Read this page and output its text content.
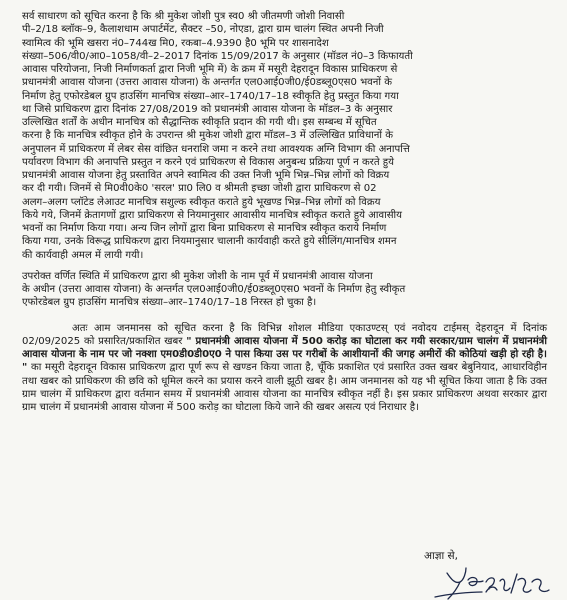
सर्व साधारण को सूचित करना है कि श्री मुकेश जोशी पुत्र स्व0 श्री जीतमणी जोशी निवासी
पी–2/18 ब्लॉक–9, कैलाशधाम अपार्टमेंट, सैक्टर –50, नोएडा, द्वारा ग्राम चालंग स्थित अपनी निजी
स्वामित्व की भूमि खसरा नं0–744ख मि0, रकबा–4.9390 है0 भूमि पर शासनादेश
संख्या–506/वी0/आ0–1058/वी–2–2017 दिनांक 15/09/2017 के अनुसार (मॉडल नं0–3 किफायती
आवास परियोजना, निजी निर्माणकर्ता द्वारा निजी भूमि में) के क्रम में मसूरी देहरादून विकास प्राधिकरण से
प्रधानमंत्री आवास योजना (उत्तरा आवास योजना) के अन्तर्गत एल0आई0जी0/ई0डब्लू0एस0 भवनों के
निर्माण हेतु एफोरडेबल ग्रुप हाउसिंग मानचित्र संख्या–आर–1740/17–18 स्वीकृति हेतु प्रस्तुत किया गया
था जिसे प्राधिकरण द्वारा दिनांक 27/08/2019 को प्रधानमंत्री आवास योजना के मॉडल–3 के अनुसार
उल्लिखित शर्तों के अधीन मानचित्र को सैद्धान्तिक स्वीकृति प्रदान की गयी थी। इस सम्बन्ध में सूचित
करना है कि मानचित्र स्वीकृत होने के उपरान्त श्री मुकेश जोशी द्वारा मॉडल–3 में उल्लिखित प्राविधानों के
अनुपालन में प्राधिकरण में लेबर सेस वांछित धनराशि जमा न करने तथा आवश्यक अग्नि विभाग की अनापत्ति
पर्यावरण विभाग की अनापत्ति प्रस्तुत न करने एवं प्राधिकरण से विकास अनुबन्ध प्रक्रिया पूर्ण न करते हुये
प्रधानमंत्री आवास योजना हेतु प्रस्तावित अपने स्वामित्व की उक्त निजी भूमि भिन्न–भिन्न लोगों को विक्रय
कर दी गयी। जिनमें से मि0वी0के0 'सरल' प्रा0 लि0 व श्रीमती इच्छा जोशी द्वारा प्राधिकरण से 02
अलग–अलग प्लॉटेड लेआउट मानचित्र सशुल्क स्वीकृत कराते हुये भूखण्ड भिन्न–भिन्न लोगों को विक्रय
किये गये, जिनमें क्रेतागणों द्वारा प्राधिकरण से नियमानुसार आवासीय मानचित्र स्वीकृत कराते हुये आवासीय
भवनों का निर्माण किया गया। अन्य जिन लोगों द्वारा बिना प्राधिकरण से मानचित्र स्वीकृत कराये निर्माण
किया गया, उनके विरूद्ध प्राधिकरण द्वारा नियमानुसार चालानी कार्यवाही करते हुये सीलिंग/मानचित्र शमन
की कार्यवाही अमल में लायी गयी।

उपरोक्त वर्णित स्थिति में प्राधिकरण द्वारा श्री मुकेश जोशी के नाम पूर्व में प्रधानमंत्री आवास योजना
के अधीन (उत्तरा आवास योजना) के अन्तर्गत एल0आई0जी0/ई0डब्लू0एस0 भवनों के निर्माण हेतु स्वीकृत
एफोरडेबल ग्रुप हाउसिंग मानचित्र संख्या–आर–1740/17–18 निरस्त हो चुका है।

अतः आम जनमानस को सूचित करना है कि विभिन्न शोशल मीडिया एकाउण्टस् एवं नवोदय टाईमस् देहरादून में दिनांक 02/09/2025 को प्रसारित/प्रकाशित खबर " प्रधानमंत्री आवास योजना में 500 करोड़ का घोटाला कर गयी सरकार/ग्राम चालंग में प्रधानमंत्री आवास योजना के नाम पर जो नक्शा एम0डी0डी0ए0 ने पास किया उस पर गरीबों के आशीयानों की जगह अमीरों की कोठियां खड़ी हो रही है। " का मसूरी देहरादून विकास प्राधिकरण द्वारा पूर्ण रूप से खण्डन किया जाता है, चूँकि प्रकाशित एवं प्रसारित उक्त खबर बेबुनियाद, आधारविहीन तथा खबर को प्राधिकरण की छवि को धूमिल करने का प्रयास करने वाली झूठी खबर है। आम जनमानस को यह भी सूचित किया जाता है कि उक्त ग्राम चालंग में प्राधिकरण द्वारा वर्तमान समय में प्रधानमंत्री आवास योजना का मानचित्र स्वीकृत नहीं है। इस प्रकार प्राधिकरण अथवा सरकार द्वारा ग्राम चालंग में प्रधानमंत्री आवास योजना में 500 करोड़ का घोटाला किये जाने की खबर असत्य एवं निराधार है।

आज्ञा से,
